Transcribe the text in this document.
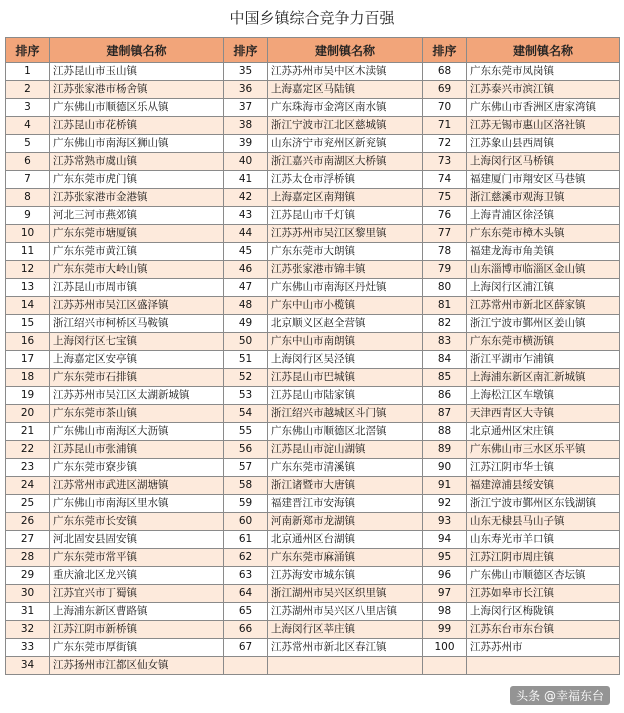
中国乡镇综合竞争力百强
排序	建制镇名称	排序	建制镇名称	排序	建制镇名称
1	江苏昆山市玉山镇	35	江苏苏州市吴中区木渎镇	68	广东东莞市凤岗镇
2	江苏张家港市杨舍镇	36	上海嘉定区马陆镇	69	江苏泰兴市滨江镇
3	广东佛山市顺德区乐从镇	37	广东珠海市金湾区南水镇	70	广东佛山市香洲区唐家湾镇
4	江苏昆山市花桥镇	38	浙江宁波市江北区慈城镇	71	江苏无锡市惠山区洛社镇
5	广东佛山市南海区狮山镇	39	山东济宁市兖州区新兖镇	72	江苏象山县西周镇
6	江苏常熟市虞山镇	40	浙江嘉兴市南湖区大桥镇	73	上海闵行区马桥镇
7	广东东莞市虎门镇	41	江苏太仓市浮桥镇	74	福建厦门市翔安区马巷镇
8	江苏张家港市金港镇	42	上海嘉定区南翔镇	75	浙江慈溪市观海卫镇
9	河北三河市燕郊镇	43	江苏昆山市千灯镇	76	上海青浦区徐泾镇
10	广东东莞市塘厦镇	44	江苏苏州市吴江区黎里镇	77	广东东莞市樟木头镇
11	广东东莞市黄江镇	45	广东东莞市大朗镇	78	福建龙海市角美镇
12	广东东莞市大岭山镇	46	江苏张家港市锦丰镇	79	山东淄博市临淄区金山镇
13	江苏昆山市周市镇	47	广东佛山市南海区丹灶镇	80	上海闵行区浦江镇
14	江苏苏州市吴江区盛泽镇	48	广东中山市小榄镇	81	江苏常州市新北区薛家镇
15	浙江绍兴市柯桥区马鞍镇	49	北京顺义区赵全营镇	82	浙江宁波市鄞州区姜山镇
16	上海闵行区七宝镇	50	广东中山市南朗镇	83	广东东莞市横沥镇
17	上海嘉定区安亭镇	51	上海闵行区吴泾镇	84	浙江平湖市乍浦镇
18	广东东莞市石排镇	52	江苏昆山市巴城镇	85	上海浦东新区南汇新城镇
19	江苏苏州市吴江区太湖新城镇	53	江苏昆山市陆家镇	86	上海松江区车墩镇
20	广东东莞市茶山镇	54	浙江绍兴市越城区斗门镇	87	天津西青区大寺镇
21	广东佛山市南海区大沥镇	55	广东佛山市顺德区北滘镇	88	北京通州区宋庄镇
22	江苏昆山市张浦镇	56	江苏昆山市淀山湖镇	89	广东佛山市三水区乐平镇
23	广东东莞市寮步镇	57	广东东莞市清溪镇	90	江苏江阴市华士镇
24	江苏常州市武进区湖塘镇	58	浙江诸暨市大唐镇	91	福建漳浦县绥安镇
25	广东佛山市南海区里水镇	59	福建晋江市安海镇	92	浙江宁波市鄞州区东钱湖镇
26	广东东莞市长安镇	60	河南新郑市龙湖镇	93	山东无棣县马山子镇
27	河北固安县固安镇	61	北京通州区台湖镇	94	山东寿光市羊口镇
28	广东东莞市常平镇	62	广东东莞市麻涌镇	95	江苏江阴市周庄镇
29	重庆渝北区龙兴镇	63	江苏海安市城东镇	96	广东佛山市顺德区杏坛镇
30	江苏宜兴市丁蜀镇	64	浙江湖州市吴兴区织里镇	97	江苏如皋市长江镇
31	上海浦东新区曹路镇	65	江苏湖州市吴兴区八里店镇	98	上海闵行区梅陇镇
32	江苏江阴市新桥镇	66	上海闵行区莘庄镇	99	江苏东台市东台镇
33	广东东莞市厚街镇	67	江苏常州市新北区春江镇	100	江苏苏州市
34	江苏扬州市江都区仙女镇				
头条 @幸福东台
